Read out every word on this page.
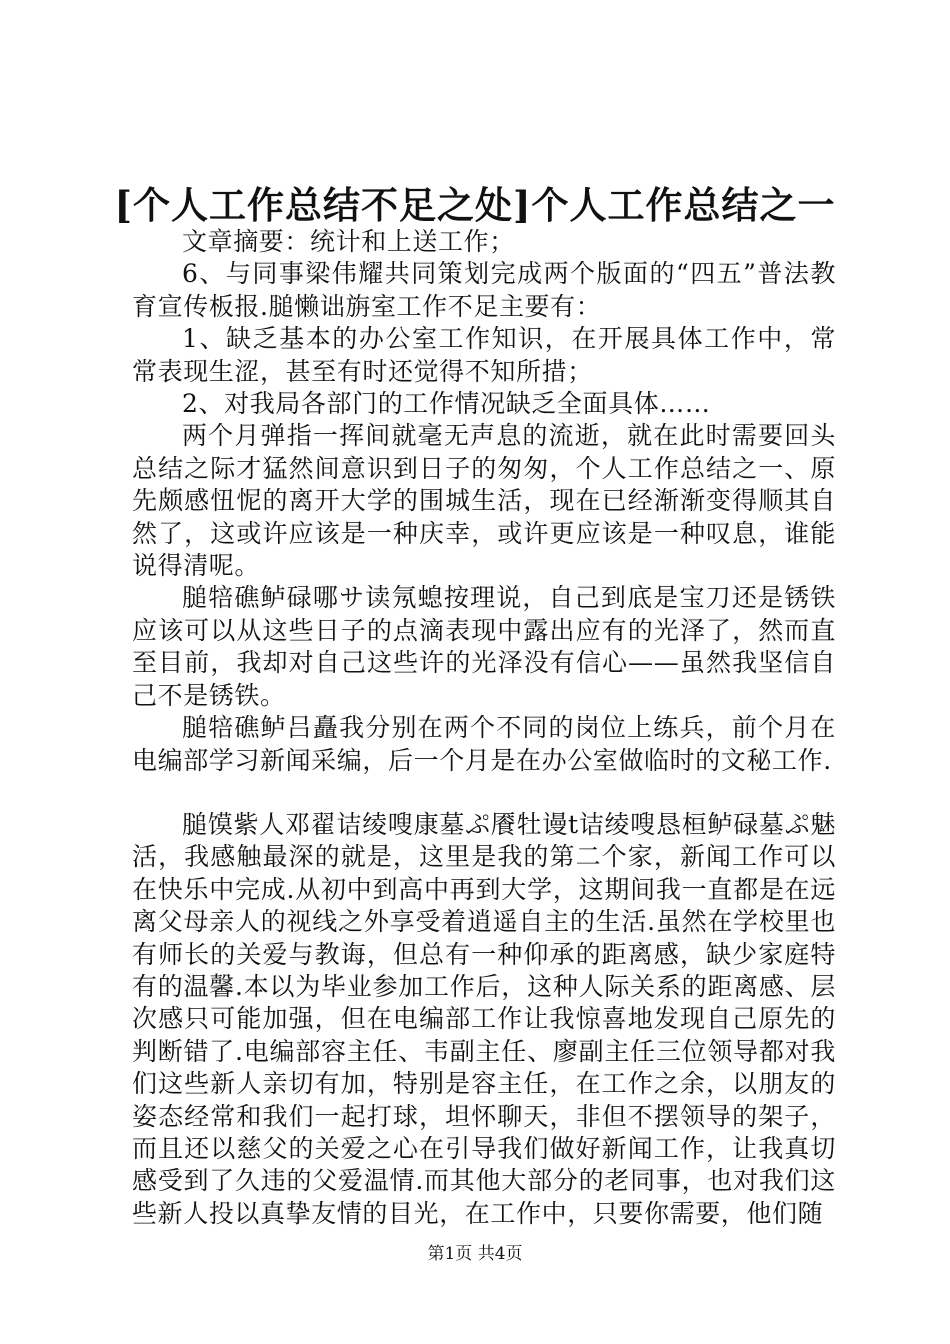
[个人工作总结不足之处]个人工作总结之一

文章摘要：统计和上送工作；

6、与同事梁伟耀共同策划完成两个版面的“四五”普法教育宣传板报.膇懒诎旃室工作不足主要有：

1、缺乏基本的办公室工作知识，在开展具体工作中，常常表现生涩，甚至有时还觉得不知所措；

2、对我局各部门的工作情况缺乏全面具体……

两个月弹指一挥间就毫无声息的流逝，就在此时需要回头总结之际才猛然间意识到日子的匆匆，个人工作总结之一、原先颇感忸怩的离开大学的围城生活，现在已经渐渐变得顺其自然了，这或许应该是一种庆幸，或许更应该是一种叹息，谁能说得清呢。

膇犃礁鲈碌哪サ读氖螅按理说，自己到底是宝刀还是锈铁应该可以从这些日子的点滴表现中露出应有的光泽了，然而直至目前，我却对自己这些许的光泽没有信心——虽然我坚信自己不是锈铁。

膇犃礁鲈吕矗我分别在两个不同的岗位上练兵，前个月在电编部学习新闻采编，后一个月是在办公室做临时的文秘工作.

膇馍紫人邓翟诘绫嗖康墓ぷ餍牡谩t诘绫嗖恳桓鲈碌墓ぷ魅活，我感触最深的就是，这里是我的第二个家，新闻工作可以在快乐中完成.从初中到高中再到大学，这期间我一直都是在远离父母亲人的视线之外享受着逍遥自主的生活.虽然在学校里也有师长的关爱与教诲，但总有一种仰承的距离感，缺少家庭特有的温馨.本以为毕业参加工作后，这种人际关系的距离感、层次感只可能加强，但在电编部工作让我惊喜地发现自己原先的判断错了.电编部容主任、韦副主任、廖副主任三位领导都对我们这些新人亲切有加，特别是容主任，在工作之余，以朋友的姿态经常和我们一起打球，坦怀聊天，非但不摆领导的架子，而且还以慈父的关爱之心在引导我们做好新闻工作，让我真切感受到了久违的父爱温情.而其他大部分的老同事，也对我们这些新人投以真挚友情的目光，在工作中，只要你需要，他们随

第1页 共4页
